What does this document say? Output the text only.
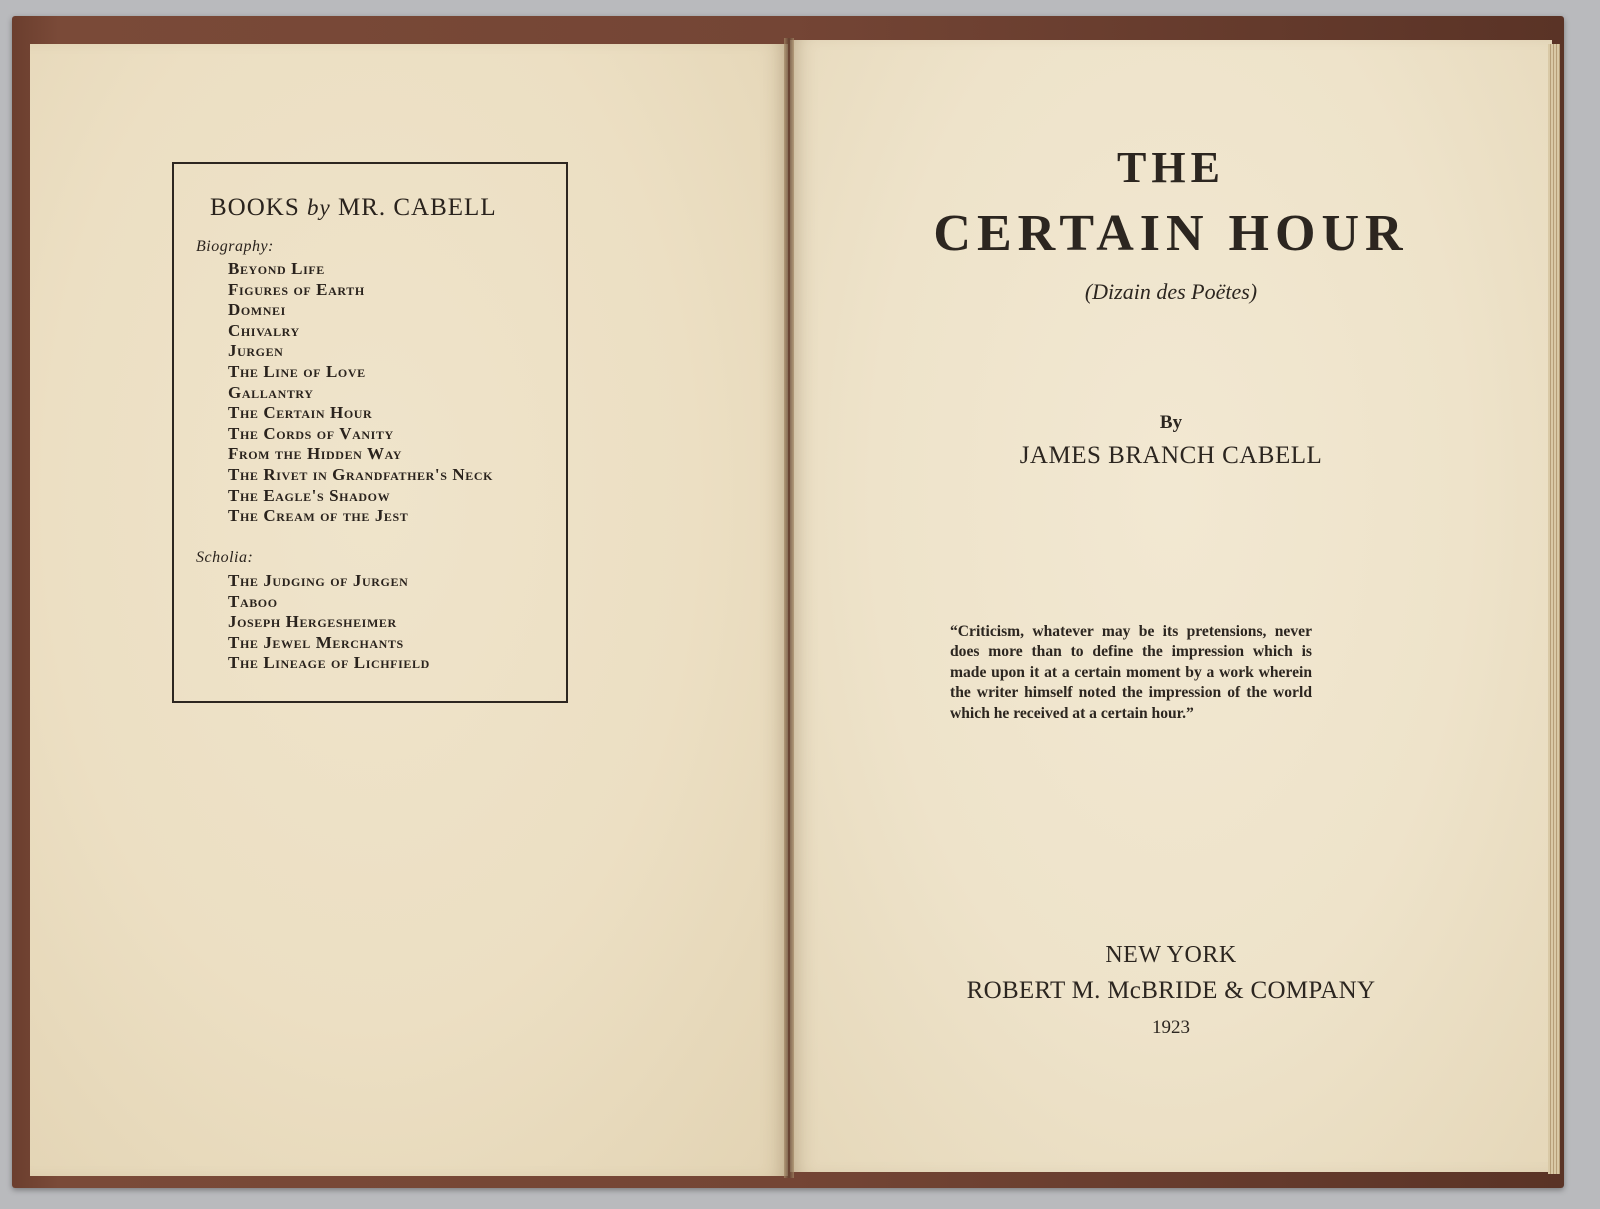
BOOKS by MR. CABELL
Biography:
Beyond Life
Figures of Earth
Domnei
Chivalry
Jurgen
The Line of Love
Gallantry
The Certain Hour
The Cords of Vanity
From the Hidden Way
The Rivet in Grandfather's Neck
The Eagle's Shadow
The Cream of the Jest
Scholia:
The Judging of Jurgen
Taboo
Joseph Hergesheimer
The Jewel Merchants
The Lineage of Lichfield
THE
CERTAIN HOUR
(Dizain des Poëtes)
By
JAMES BRANCH CABELL
“Criticism, whatever may be its pretensions, never does more than to define the impression which is made upon it at a certain moment by a work wherein the writer himself noted the impression of the world which he received at a certain hour.”
NEW YORK
ROBERT M. McBRIDE & COMPANY
1923
